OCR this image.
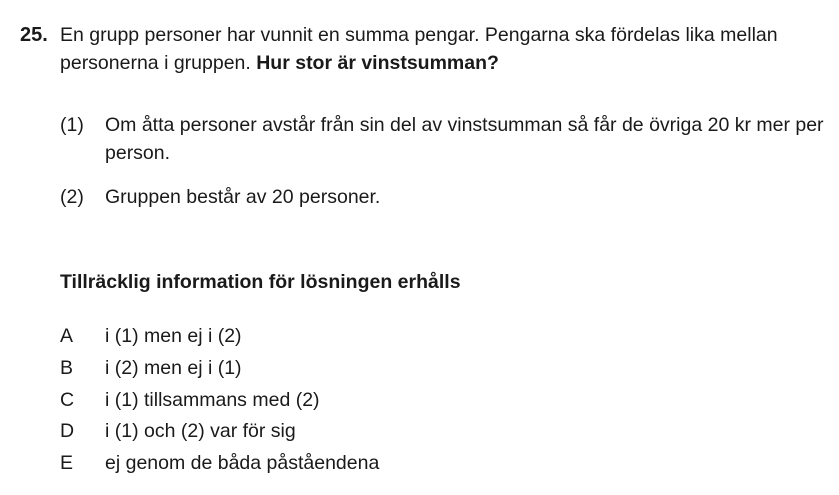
25. En grupp personer har vunnit en summa pengar. Pengarna ska fördelas lika mellan personerna i gruppen. Hur stor är vinstsumman?
(1)	Om åtta personer avstår från sin del av vinstsumman så får de övriga 20 kr mer per person.
(2)	Gruppen består av 20 personer.
Tillräcklig information för lösningen erhålls
A	i (1) men ej i (2)
B	i (2) men ej i (1)
C	i (1) tillsammans med (2)
D	i (1) och (2) var för sig
E	ej genom de båda påståendena
